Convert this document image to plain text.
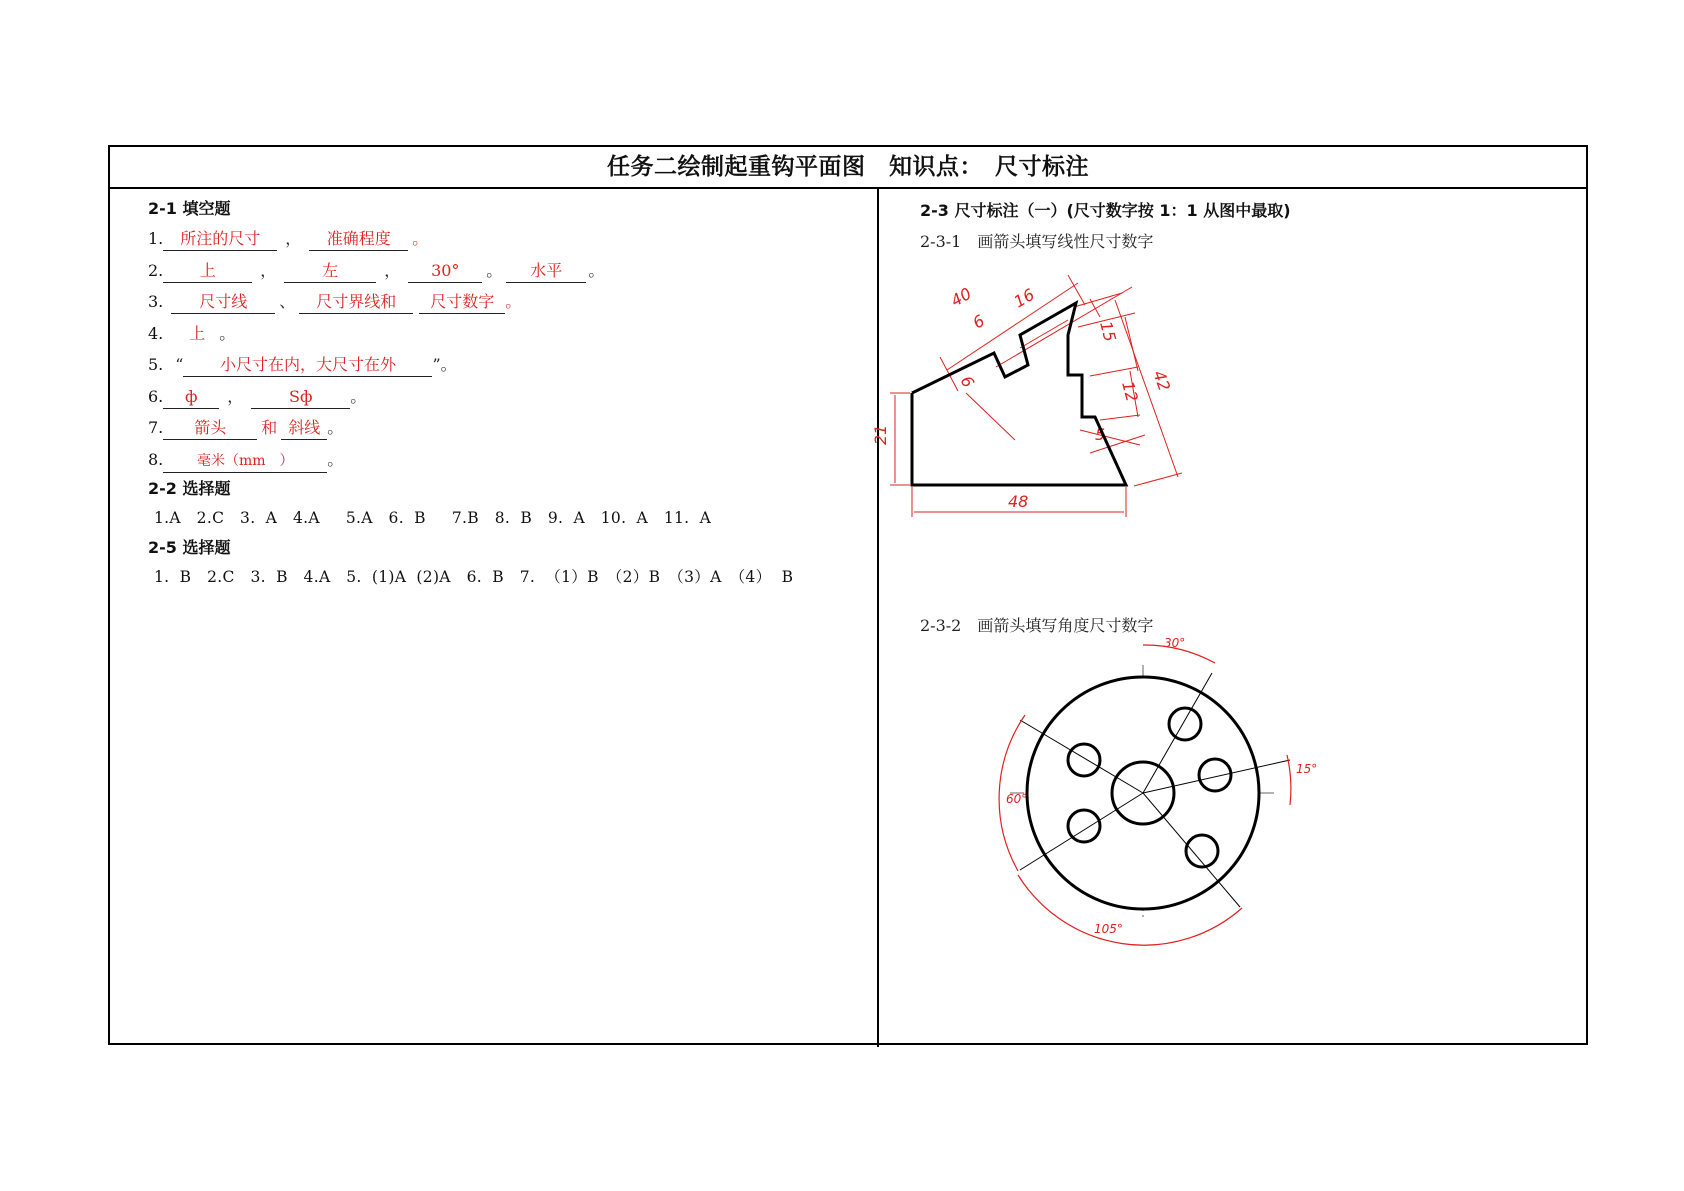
任务二绘制起重钩平面图　知识点：　尺寸标注
2-1 填空题
1. 所注的尺寸 ， 准确程度 。
2. 上	，	左	， 30° 。 水平 。
3. 尺寸线 、 尺寸界线和 尺寸数字 。
4. 上 。
5. “ 小尺寸在内，大尺寸在外 ”。
6. ф ，	Sф 。
7. 箭头 和 斜线 。
8. 毫米（mm　） 。
2-2 选择题
1.A　2.C　3. A　4.A　 5.A　6. B　 7.B　8. B　9. A　10. A　11. A
2-5 选择题
1. B　2.C　3. B　4.A　5. (1)A (2)A　6. B　7. （1）B　（2）B　（3）A　（4） B
2-3 尺寸标注（一）(尺寸数字按 1：1 从图中最取)
2-3-1　画箭头填写线性尺寸数字
2-3-2　画箭头填写角度尺寸数字
40 16
6
6
15
12 42
5
21
48
30°
15°
60°
105°
